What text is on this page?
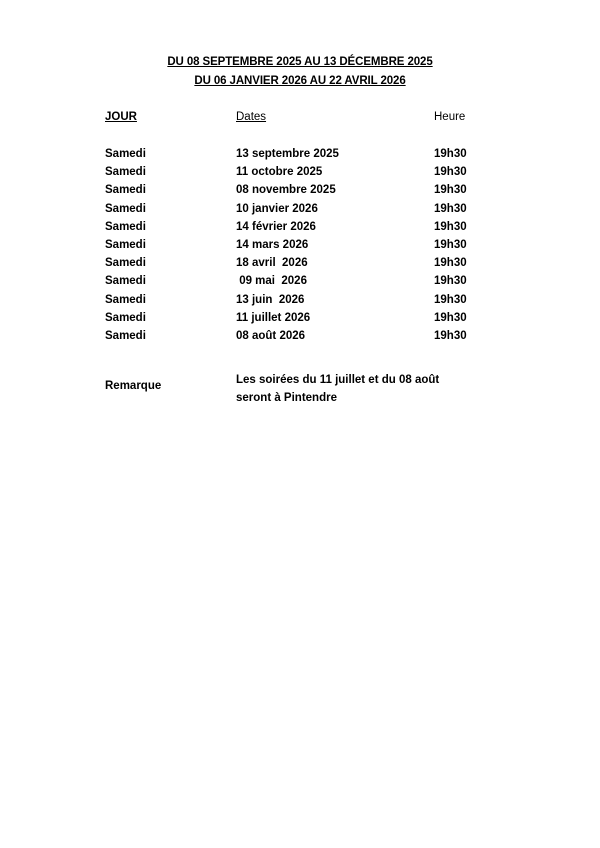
DU 08 SEPTEMBRE 2025 AU 13 DÉCEMBRE 2025
DU 06 JANVIER 2026 AU 22 AVRIL 2026
JOUR	Dates	Heure
Samedi	13 septembre 2025	19h30
Samedi	11 octobre 2025	19h30
Samedi	08 novembre 2025	19h30
Samedi	10 janvier 2026	19h30
Samedi	14 février 2026	19h30
Samedi	14 mars 2026	19h30
Samedi	18 avril  2026	19h30
Samedi	09 mai  2026	19h30
Samedi	13 juin  2026	19h30
Samedi	11 juillet 2026	19h30
Samedi	08 août 2026	19h30
Remarque	Les soirées du 11 juillet et du 08 août seront à Pintendre
